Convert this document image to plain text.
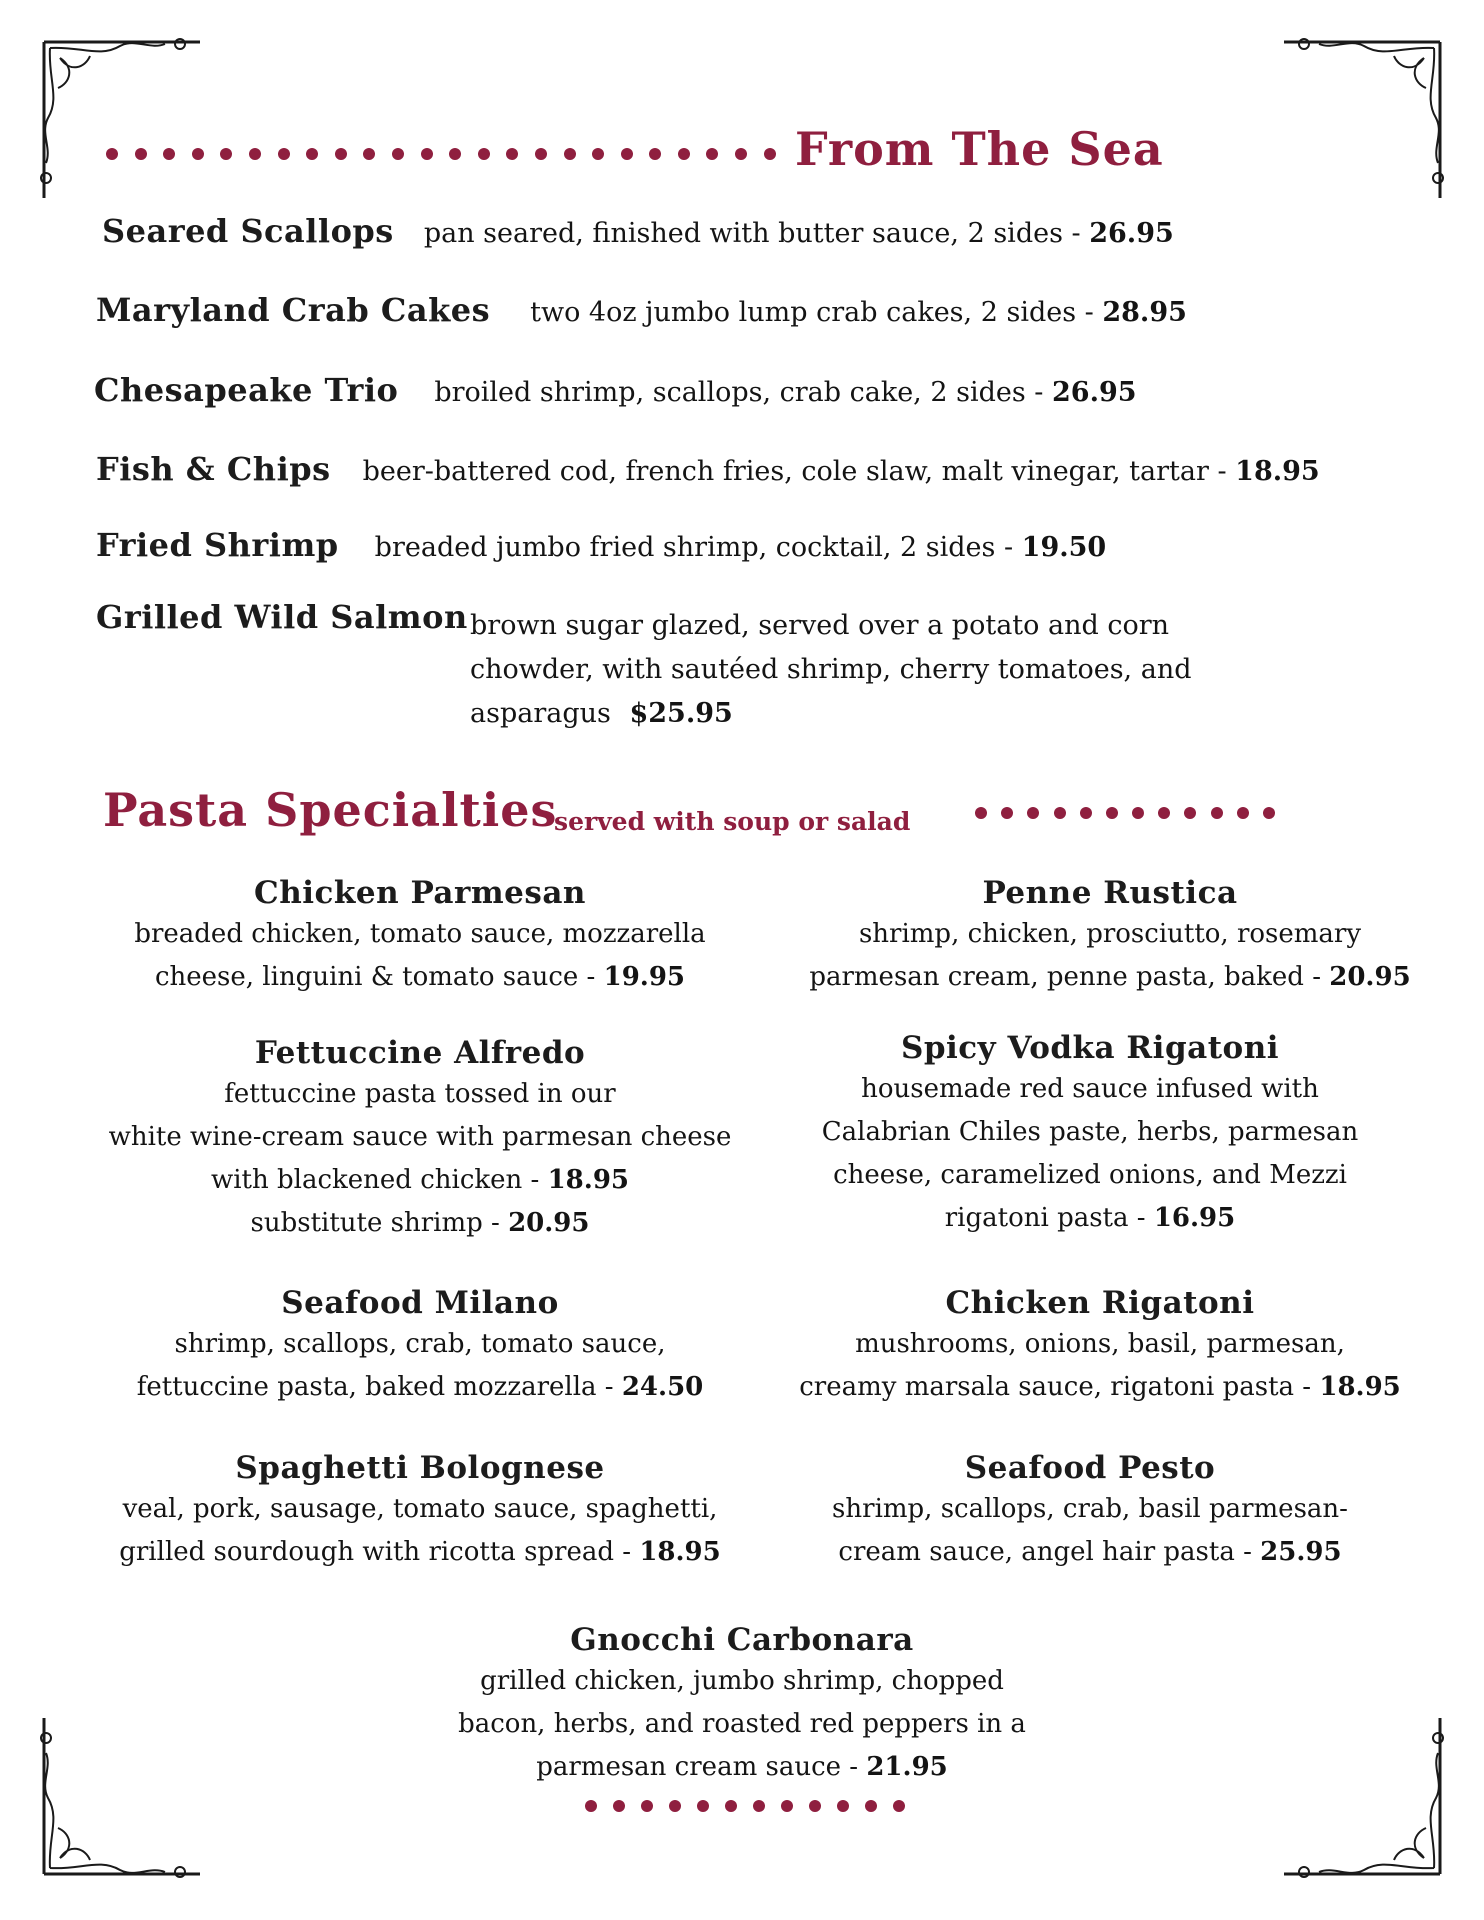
From The Sea
Seared Scallops pan seared, finished with butter sauce, 2 sides - 26.95
Maryland Crab Cakes two 4oz jumbo lump crab cakes, 2 sides - 28.95
Chesapeake Trio broiled shrimp, scallops, crab cake, 2 sides - 26.95
Fish & Chips beer-battered cod, french fries, cole slaw, malt vinegar, tartar - 18.95
Fried Shrimp breaded jumbo fried shrimp, cocktail, 2 sides - 19.50
Grilled Wild Salmon brown sugar glazed, served over a potato and corn
chowder, with sautéed shrimp, cherry tomatoes, and
asparagus $25.95
Pasta Specialties
served with soup or salad
Chicken Parmesan
breaded chicken, tomato sauce, mozzarella
cheese, linguini & tomato sauce - 19.95
Penne Rustica
shrimp, chicken, prosciutto, rosemary
parmesan cream, penne pasta, baked - 20.95
Fettuccine Alfredo
fettuccine pasta tossed in our
white wine-cream sauce with parmesan cheese
with blackened chicken - 18.95
substitute shrimp - 20.95
Spicy Vodka Rigatoni
housemade red sauce infused with
Calabrian Chiles paste, herbs, parmesan
cheese, caramelized onions, and Mezzi
rigatoni pasta - 16.95
Seafood Milano
shrimp, scallops, crab, tomato sauce,
fettuccine pasta, baked mozzarella - 24.50
Chicken Rigatoni
mushrooms, onions, basil, parmesan,
creamy marsala sauce, rigatoni pasta - 18.95
Spaghetti Bolognese
veal, pork, sausage, tomato sauce, spaghetti,
grilled sourdough with ricotta spread - 18.95
Seafood Pesto
shrimp, scallops, crab, basil parmesan-
cream sauce, angel hair pasta - 25.95
Gnocchi Carbonara
grilled chicken, jumbo shrimp, chopped
bacon, herbs, and roasted red peppers in a
parmesan cream sauce - 21.95
